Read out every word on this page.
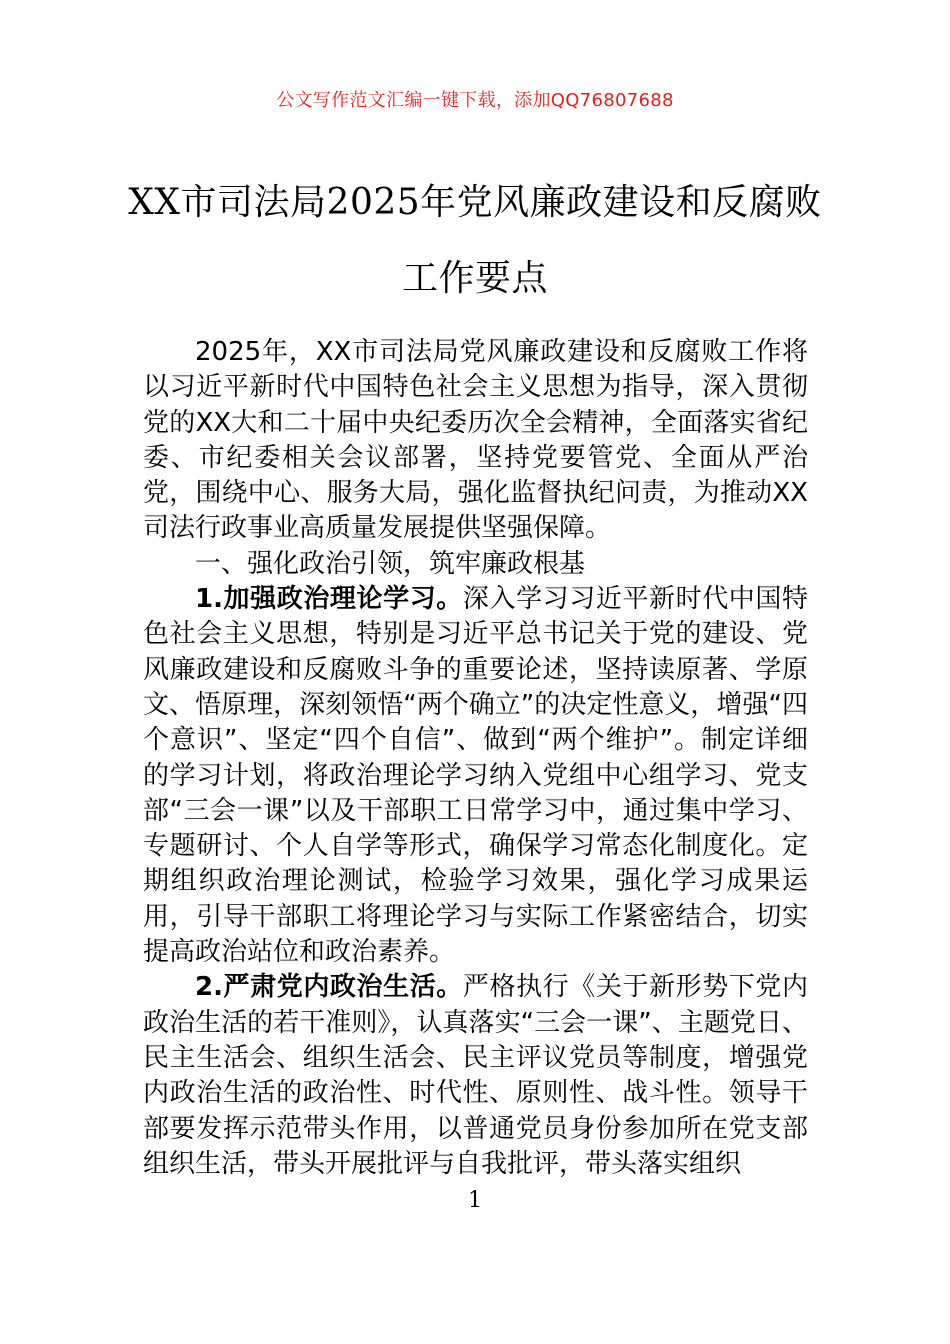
公文写作范文汇编一键下载，添加QQ76807688
XX市司法局2025年党风廉政建设和反腐败工作要点

2025年，XX市司法局党风廉政建设和反腐败工作将以习近平新时代中国特色社会主义思想为指导，深入贯彻党的XX大和二十届中央纪委历次全会精神，全面落实省纪委、市纪委相关会议部署，坚持党要管党、全面从严治党，围绕中心、服务大局，强化监督执纪问责，为推动XX司法行政事业高质量发展提供坚强保障。

一、强化政治引领，筑牢廉政根基

1.加强政治理论学习。深入学习习近平新时代中国特色社会主义思想，特别是习近平总书记关于党的建设、党风廉政建设和反腐败斗争的重要论述，坚持读原著、学原文、悟原理，深刻领悟“两个确立”的决定性意义，增强“四个意识”、坚定“四个自信”、做到“两个维护”。制定详细的学习计划，将政治理论学习纳入党组中心组学习、党支部“三会一课”以及干部职工日常学习中，通过集中学习、专题研讨、个人自学等形式，确保学习常态化制度化。定期组织政治理论测试，检验学习效果，强化学习成果运用，引导干部职工将理论学习与实际工作紧密结合，切实提高政治站位和政治素养。

2.严肃党内政治生活。严格执行《关于新形势下党内政治生活的若干准则》，认真落实“三会一课”、主题党日、民主生活会、组织生活会、民主评议党员等制度，增强党内政治生活的政治性、时代性、原则性、战斗性。领导干部要发挥示范带头作用，以普通党员身份参加所在党支部组织生活，带头开展批评与自我批评，带头落实组织

1
